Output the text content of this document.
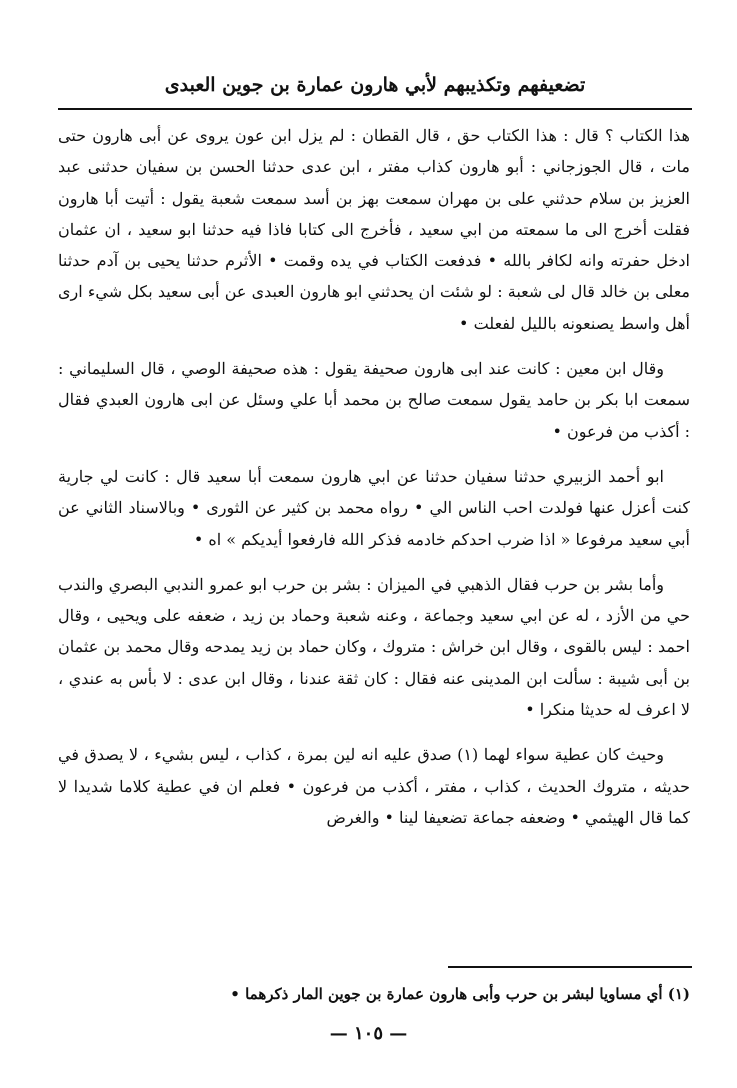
تضعيفهم وتكذيبهم لأبي هارون عمارة بن جوين العبدى

هذا الكتاب ؟ قال : هذا الكتاب حق ، قال القطان : لم يزل ابن عون يروى عن أبى هارون حتى مات ، قال الجوزجاني : أبو هارون كذاب مفتر ، ابن عدى حدثنا الحسن بن سفيان حدثنى عبد العزيز بن سلام حدثني على بن مهران سمعت بهز بن أسد سمعت شعبة يقول : أتيت أبا هارون فقلت أخرج الى ما سمعته من ابي سعيد ، فأخرج الى كتابا فاذا فيه حدثنا ابو سعيد ، ان عثمان ادخل حفرته وانه لكافر بالله • فدفعت الكتاب في يده وقمت • الأثرم حدثنا يحيى بن آدم حدثنا معلى بن خالد قال لى شعبة : لو شئت ان يحدثني ابو هارون العبدى عن أبى سعيد بكل شيء ارى أهل واسط يصنعونه بالليل لفعلت •

وقال ابن معين : كانت عند ابى هارون صحيفة يقول : هذه صحيفة الوصي ، قال السليماني : سمعت ابا بكر بن حامد يقول سمعت صالح بن محمد أبا علي وسئل عن ابى هارون العبدي فقال : أكذب من فرعون •

ابو أحمد الزبيري حدثنا سفيان حدثنا عن ابي هارون سمعت أبا سعيد قال : كانت لي جارية كنت أعزل عنها فولدت احب الناس الي • رواه محمد بن كثير عن الثورى • وبالاسناد الثاني عن أبي سعيد مرفوعا « اذا ضرب احدكم خادمه فذكر الله فارفعوا أيديكم » اه •

وأما بشر بن حرب فقال الذهبي في الميزان : بشر بن حرب ابو عمرو الندبي البصري والندب حي من الأزد ، له عن ابي سعيد وجماعة ، وعنه شعبة وحماد بن زيد ، ضعفه على ويحيى ، وقال احمد : ليس بالقوى ، وقال ابن خراش : متروك ، وكان حماد بن زيد يمدحه وقال محمد بن عثمان بن أبى شيبة : سألت ابن المدينى عنه فقال : كان ثقة عندنا ، وقال ابن عدى : لا بأس به عندي ، لا اعرف له حديثا منكرا •

وحيث كان عطية سواء لهما (١) صدق عليه انه لين بمرة ، كذاب ، ليس بشيء ، لا يصدق في حديثه ، متروك الحديث ، كذاب ، مفتر ، أكذب من فرعون • فعلم ان في عطية كلاما شديدا لا كما قال الهيثمي • وضعفه جماعة تضعيفا لينا • والغرض

(١) أي مساويا لبشر بن حرب وأبى هارون عمارة بن جوين المار ذكرهما •
— ١٠٥ —
